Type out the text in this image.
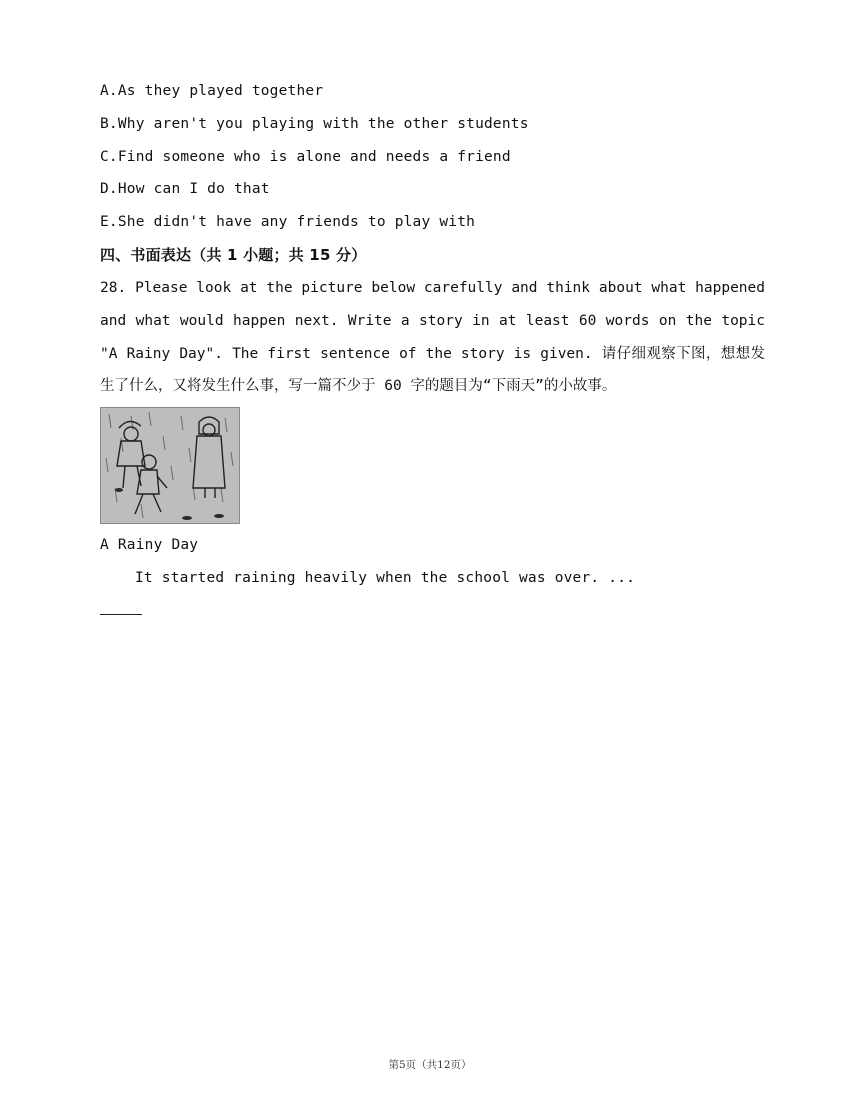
A.As they played together
B.Why aren't you playing with the other students
C.Find someone who is alone and needs a friend
D.How can I do that
E.She didn't have any friends to play with
四、书面表达（共 1 小题；共 15 分）
28. Please look at the picture below carefully and think about what happened and what would happen next. Write a story in at least 60 words on the topic "A Rainy Day". The first sentence of the story is given. 请仔细观察下图，想想发生了什么，又将发生什么事，写一篇不少于 60 字的题目为“下雨天”的小故事。
A Rainy Day
It started raining heavily when the school was over. ...
第5页（共12页）
